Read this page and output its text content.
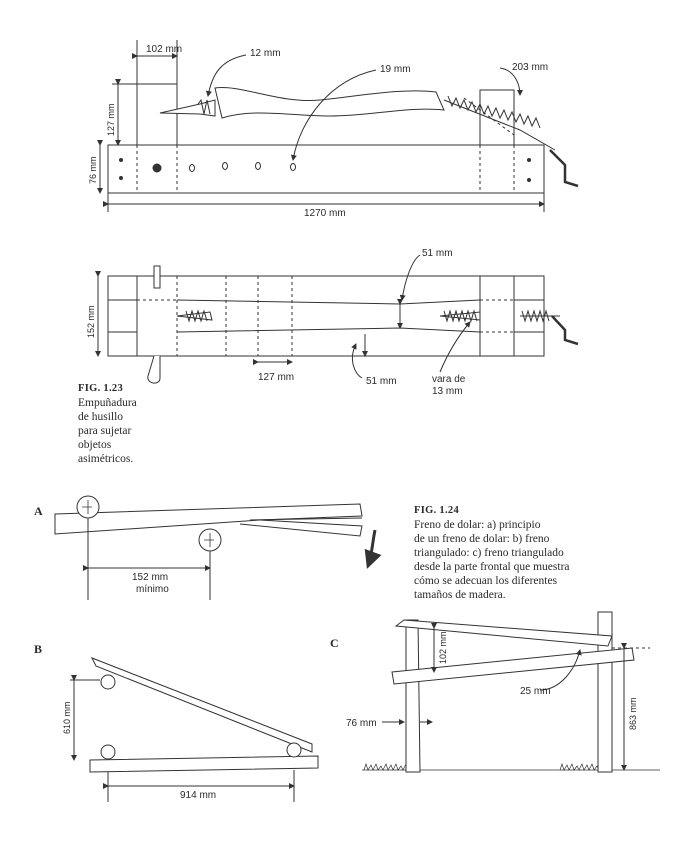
102 mm	12 mm
19 mm	203 mm
127 mm
76 mm
1270 mm
51 mm
152 mm
127 mm	51 mm	vara de
13 mm
152 mm
mínimo
610 mm
914 mm
102 mm
25 mm
76 mm	863 mm
FIG. 1.23
Empuñadura
de husillo
para sujetar
objetos
asimétricos.
FIG. 1.24
Freno de dolar: a) principio
de un freno de dolar: b) freno
triangulado: c) freno triangulado
desde la parte frontal que muestra
cómo se adecuan los diferentes
tamaños de madera.
A
B	C
